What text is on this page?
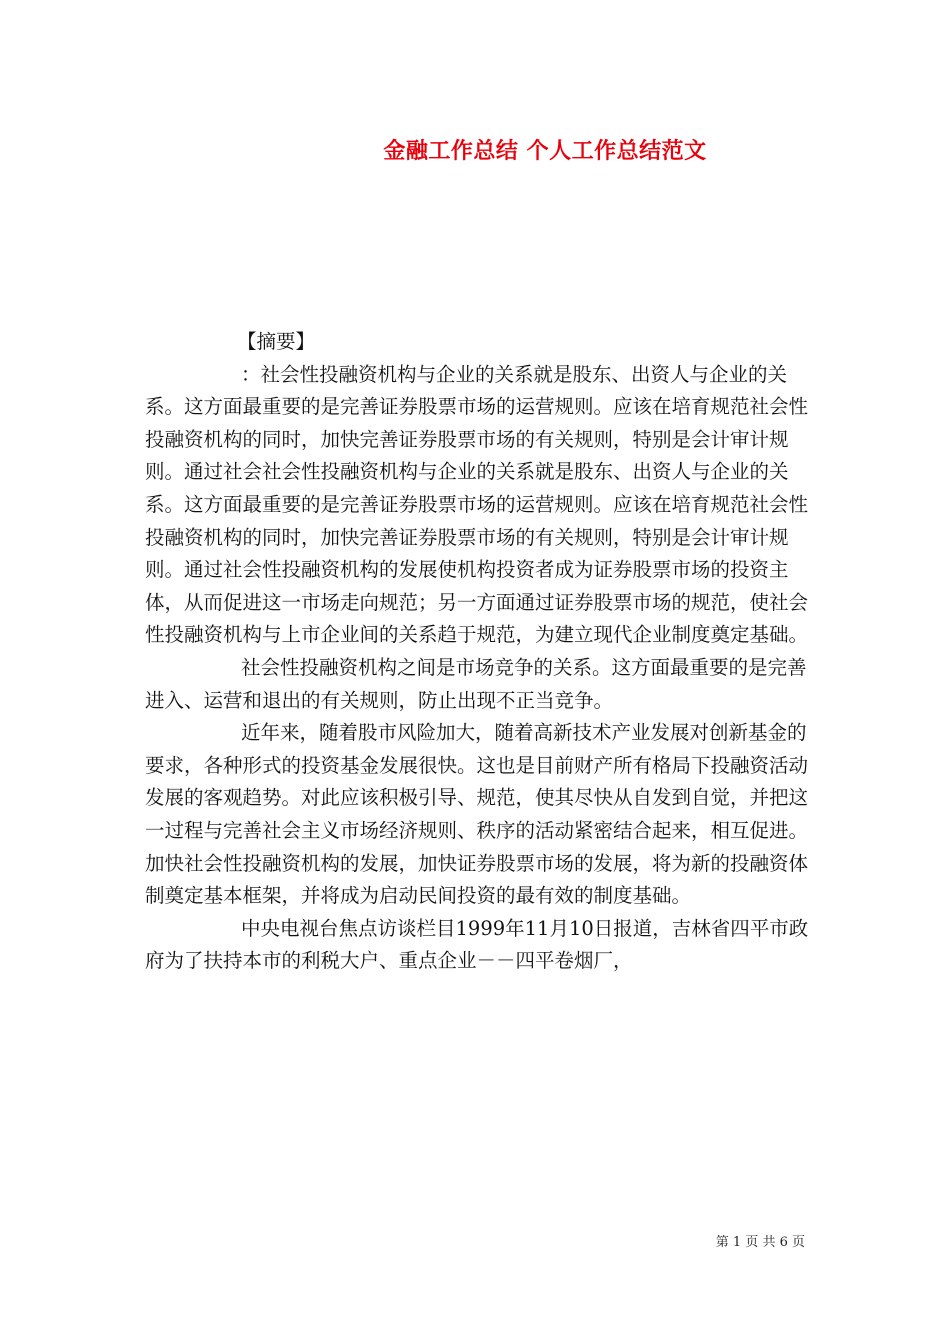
金融工作总结 个人工作总结范文

【摘要】

：社会性投融资机构与企业的关系就是股东、出资人与企业的关系。这方面最重要的是完善证券股票市场的运营规则。应该在培育规范社会性投融资机构的同时，加快完善证券股票市场的有关规则，特别是会计审计规则。通过社会社会性投融资机构与企业的关系就是股东、出资人与企业的关系。这方面最重要的是完善证券股票市场的运营规则。应该在培育规范社会性投融资机构的同时，加快完善证券股票市场的有关规则，特别是会计审计规则。通过社会性投融资机构的发展使机构投资者成为证券股票市场的投资主体，从而促进这一市场走向规范；另一方面通过证券股票市场的规范，使社会性投融资机构与上市企业间的关系趋于规范，为建立现代企业制度奠定基础。

社会性投融资机构之间是市场竞争的关系。这方面最重要的是完善进入、运营和退出的有关规则，防止出现不正当竞争。

近年来，随着股市风险加大，随着高新技术产业发展对创新基金的要求，各种形式的投资基金发展很快。这也是目前财产所有格局下投融资活动发展的客观趋势。对此应该积极引导、规范，使其尽快从自发到自觉，并把这一过程与完善社会主义市场经济规则、秩序的活动紧密结合起来，相互促进。加快社会性投融资机构的发展，加快证券股票市场的发展，将为新的投融资体制奠定基本框架，并将成为启动民间投资的最有效的制度基础。

中央电视台焦点访谈栏目1999年11月10日报道，吉林省四平市政府为了扶持本市的利税大户、重点企业－－四平卷烟厂，

第 1 页 共 6 页
